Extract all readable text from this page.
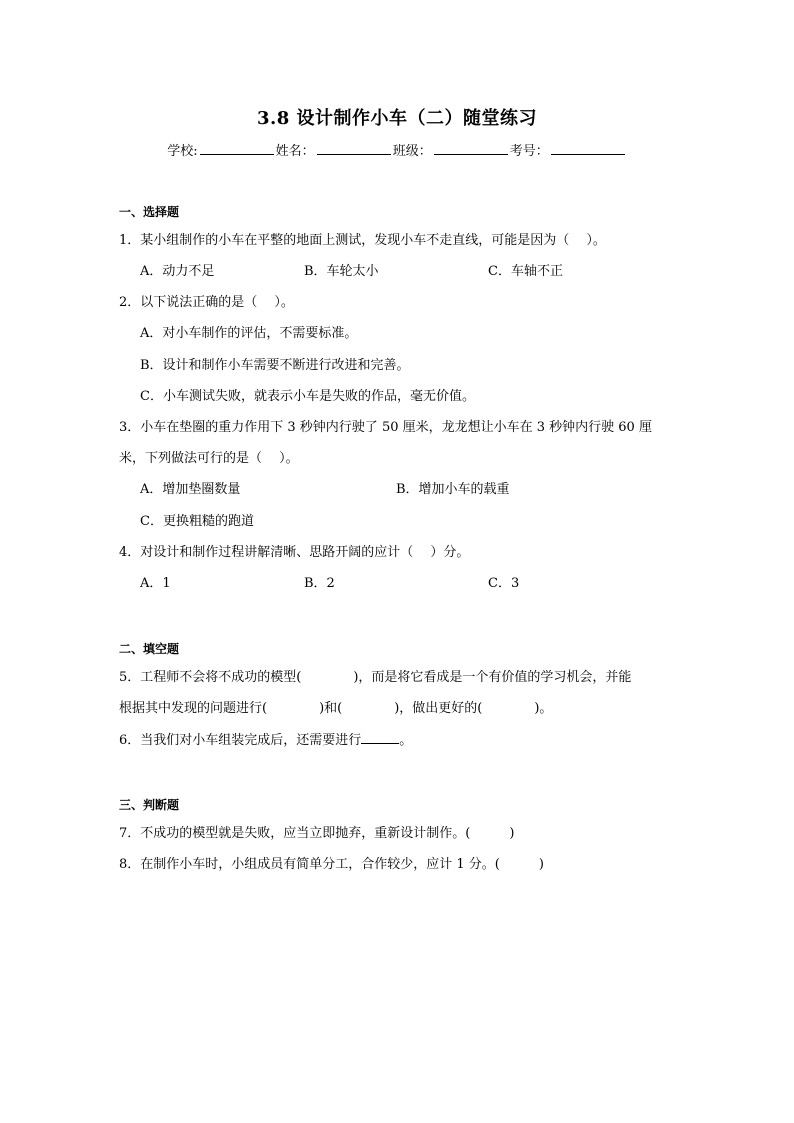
3.8 设计制作小车（二）随堂练习
学校:	姓名：	班级：	考号：
一、选择题
1．某小组制作的小车在平整的地面上测试，发现小车不走直线，可能是因为（　 ）。
A．动力不足	B．车轮太小	C．车轴不正
2．以下说法正确的是（　 ）。
A．对小车制作的评估，不需要标准。
B．设计和制作小车需要不断进行改进和完善。
C．小车测试失败，就表示小车是失败的作品，毫无价值。
3．小车在垫圈的重力作用下 3 秒钟内行驶了 50 厘米，龙龙想让小车在 3 秒钟内行驶 60 厘
米，下列做法可行的是（　 ）。
A．增加垫圈数量	B．增加小车的载重
C．更换粗糙的跑道
4．对设计和制作过程讲解清晰、思路开阔的应计（　 ）分。
A．1	B．2	C．3
二、填空题
5．工程师不会将不成功的模型(　　　　)，而是将它看成是一个有价值的学习机会，并能
根据其中发现的问题进行(　　　　)和(　　　　)，做出更好的(　　　　)。
6．当我们对小车组装完成后，还需要进行	。
三、判断题
7．不成功的模型就是失败，应当立即抛弃，重新设计制作。(　　　)
8．在制作小车时，小组成员有简单分工，合作较少，应计 1 分。(　　　)
